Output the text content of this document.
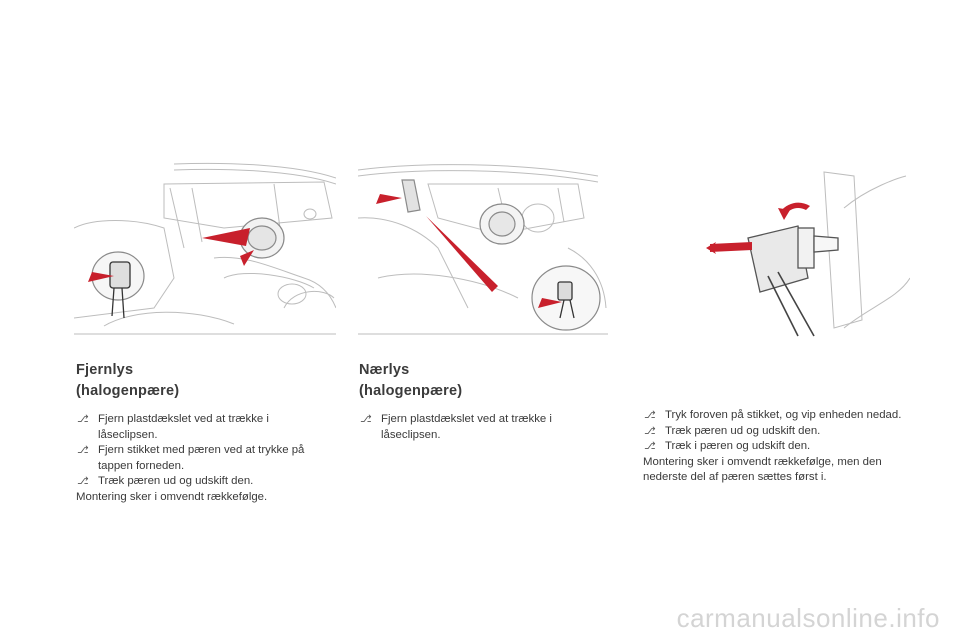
Fjernlys
(halogenpære)
⎇ Fjern plastdækslet ved at trække i låseclipsen.
⎇ Fjern stikket med pæren ved at trykke på tappen forneden.
⎇ Træk pæren ud og udskift den.

Montering sker i omvendt rækkefølge.

Nærlys
(halogenpære)
⎇ Fjern plastdækslet ved at trække i låseclipsen.
⎇ Tryk foroven på stikket, og vip enheden nedad.
⎇ Træk pæren ud og udskift den.
⎇ Træk i pæren og udskift den.

Montering sker i omvendt rækkefølge, men den nederste del af pæren sættes først i.

carmanualsonline.info
